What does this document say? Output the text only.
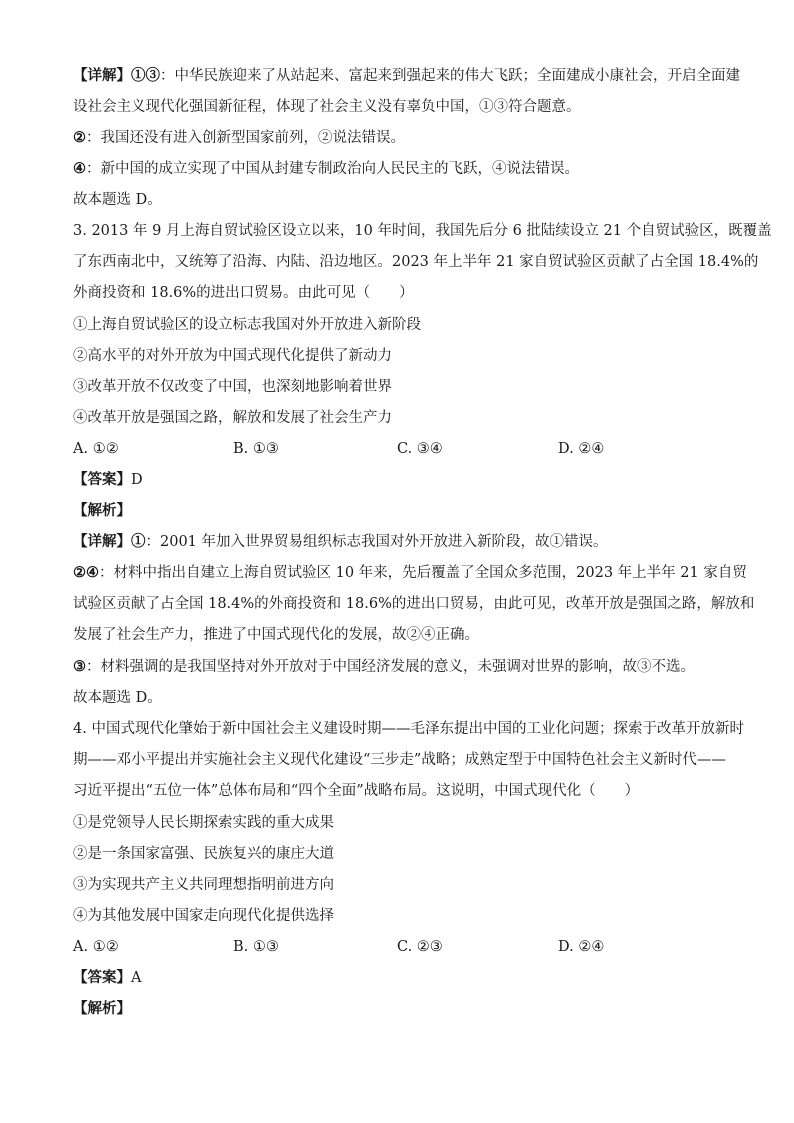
【详解】①③：中华民族迎来了从站起来、富起来到强起来的伟大飞跃；全面建成小康社会，开启全面建
设社会主义现代化强国新征程，体现了社会主义没有辜负中国，①③符合题意。
②：我国还没有进入创新型国家前列，②说法错误。
④：新中国的成立实现了中国从封建专制政治向人民民主的飞跃，④说法错误。
故本题选 D。
3. 2013 年 9 月上海自贸试验区设立以来，10 年时间，我国先后分 6 批陆续设立 21 个自贸试验区，既覆盖
了东西南北中，又统筹了沿海、内陆、沿边地区。2023 年上半年 21 家自贸试验区贡献了占全国 18.4%的
外商投资和 18.6%的进出口贸易。由此可见（　　）
①上海自贸试验区的设立标志我国对外开放进入新阶段
②高水平的对外开放为中国式现代化提供了新动力
③改革开放不仅改变了中国，也深刻地影响着世界
④改革开放是强国之路，解放和发展了社会生产力
A. ①②	B. ①③	C. ③④	D. ②④
【答案】D
【解析】
【详解】①：2001 年加入世界贸易组织标志我国对外开放进入新阶段，故①错误。
②④：材料中指出自建立上海自贸试验区 10 年来，先后覆盖了全国众多范围，2023 年上半年 21 家自贸
试验区贡献了占全国 18.4%的外商投资和 18.6%的进出口贸易，由此可见，改革开放是强国之路，解放和
发展了社会生产力，推进了中国式现代化的发展，故②④正确。
③：材料强调的是我国坚持对外开放对于中国经济发展的意义，未强调对世界的影响，故③不选。
故本题选 D。
4. 中国式现代化肇始于新中国社会主义建设时期——毛泽东提出中国的工业化问题；探索于改革开放新时
期——邓小平提出并实施社会主义现代化建设“三步走”战略；成熟定型于中国特色社会主义新时代——
习近平提出“五位一体”总体布局和“四个全面”战略布局。这说明，中国式现代化（　　）
①是党领导人民长期探索实践的重大成果
②是一条国家富强、民族复兴的康庄大道
③为实现共产主义共同理想指明前进方向
④为其他发展中国家走向现代化提供选择
A. ①②	B. ①③	C. ②③	D. ②④
【答案】A
【解析】
